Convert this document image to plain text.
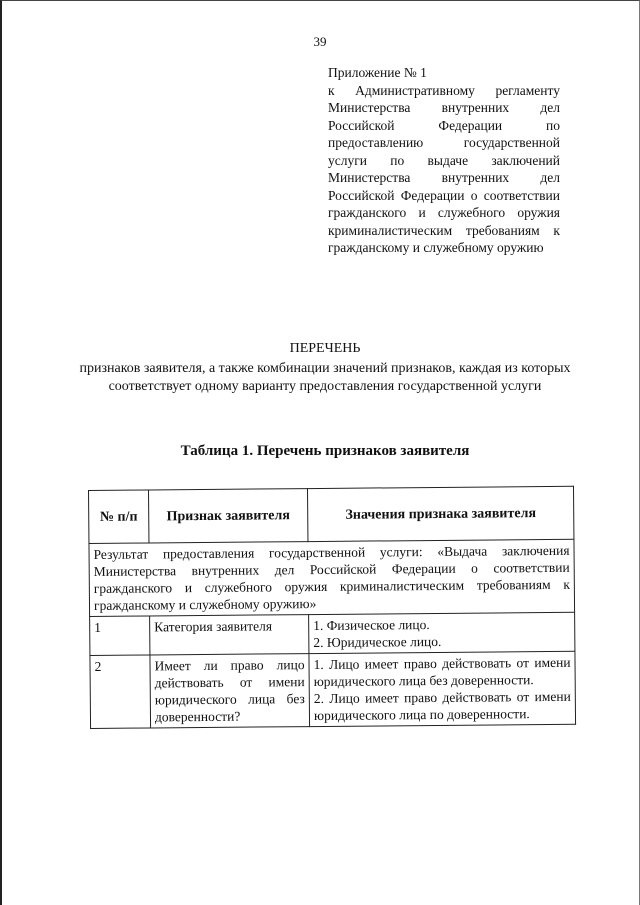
39
Приложение № 1
к Административному регламенту Министерства внутренних дел Российской Федерации по предоставлению государственной услуги по выдаче заключений Министерства внутренних дел Российской Федерации о соответствии гражданского и служебного оружия криминалистическим требованиям к гражданскому и служебному оружию
ПЕРЕЧЕНЬ
признаков заявителя, а также комбинации значений признаков, каждая из которых соответствует одному варианту предоставления государственной услуги
Таблица 1. Перечень признаков заявителя
№ п/п	Признак заявителя	Значения признака заявителя
Результат предоставления государственной услуги: «Выдача заключения Министерства внутренних дел Российской Федерации о соответствии гражданского и служебного оружия криминалистическим требованиям к гражданскому и служебному оружию»		
1	Категория заявителя	1. Физическое лицо.
2. Юридическое лицо.

2	Имеет ли право лицо действовать от имени юридического лица без доверенности?	1. Лицо имеет право действовать от имени юридического лица без доверенности.
2. Лицо имеет право действовать от имени юридического лица по доверенности.
